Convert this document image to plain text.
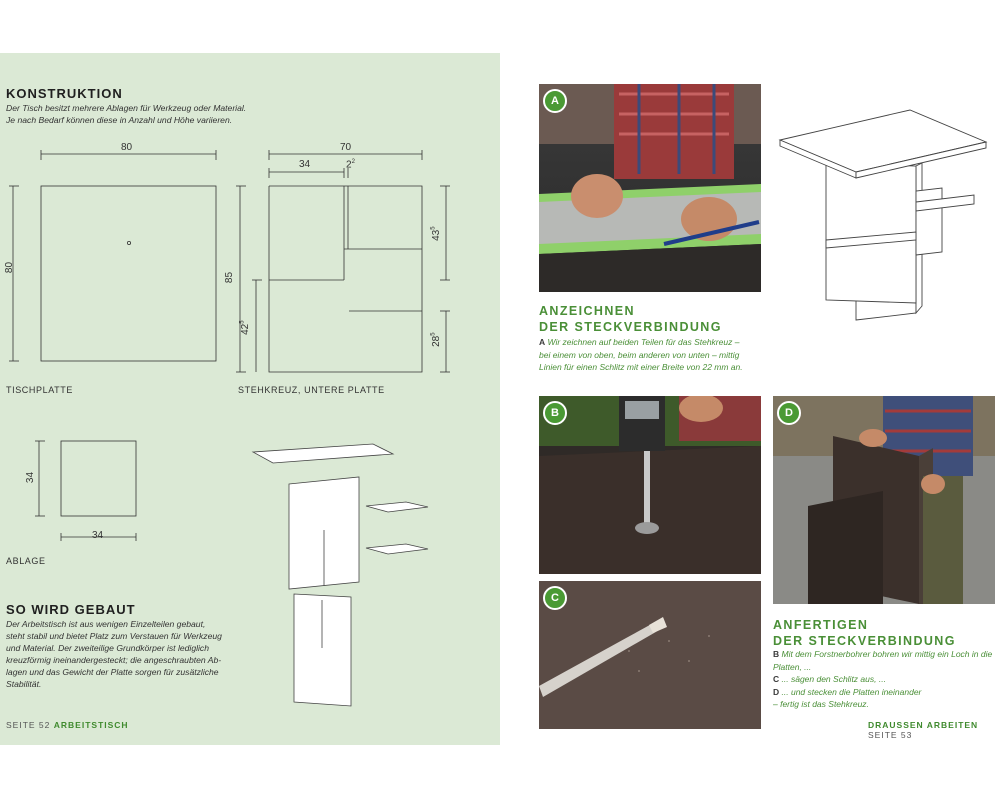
KONSTRUKTION
Der Tisch besitzt mehrere Ablagen für Werkzeug oder Material.
Je nach Bedarf können diese in Anzahl und Höhe variieren.
80
80
70
34	$2^2$
85
$42^5$
$43^5$
$28^5$
34
34
TISCHPLATTE	STEHKREUZ, UNTERE PLATTE
ABLAGE
SO WIRD GEBAUT
Der Arbeitstisch ist aus wenigen Einzelteilen gebaut,
steht stabil und bietet Platz zum Verstauen für Werkzeug
und Material. Der zweiteilige Grundkörper ist lediglich
kreuzförmig ineinandergesteckt; die angeschraubten Ab-
lagen und das Gewicht der Platte sorgen für zusätzliche
Stabilität.
SEITE 52 ARBEITSTISCH
A
ANZEICHNEN
DER STECKVERBINDUNG
A Wir zeichnen auf beiden Teilen für das Stehkreuz –
bei einem von oben, beim anderen von unten – mittig
Linien für einen Schlitz mit einer Breite von 22 mm an.
B
C
D
ANFERTIGEN
DER STECKVERBINDUNG
B Mit dem Forstnerbohrer bohren wir mittig ein Loch in die
Platten, ...
C ... sägen den Schlitz aus, ...
D ... und stecken die Platten ineinander
– fertig ist das Stehkreuz.
DRAUSSEN ARBEITEN SEITE 53
